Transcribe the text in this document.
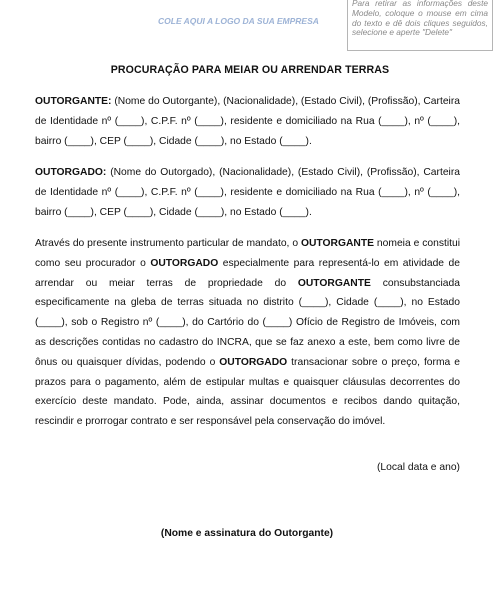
COLE AQUI A LOGO DA SUA EMPRESA
Para retirar as informações deste Modelo, coloque o mouse em cima do texto e dê dois cliques seguidos, selecione e aperte "Delete"
PROCURAÇÃO PARA MEIAR OU ARRENDAR TERRAS
OUTORGANTE: (Nome do Outorgante), (Nacionalidade), (Estado Civil), (Profissão), Carteira de Identidade nº (____), C.P.F. nº (____), residente e domiciliado na Rua (____), nº (____), bairro (____), CEP (____), Cidade (____), no Estado (____).
OUTORGADO: (Nome do Outorgado), (Nacionalidade), (Estado Civil), (Profissão), Carteira de Identidade nº (____), C.P.F. nº (____), residente e domiciliado na Rua (____), nº (____), bairro (____), CEP (____), Cidade (____), no Estado (____).
Através do presente instrumento particular de mandato, o OUTORGANTE nomeia e constitui como seu procurador o OUTORGADO especialmente para representá-lo em atividade de arrendar ou meiar terras de propriedade do OUTORGANTE consubstanciada especificamente na gleba de terras situada no distrito (____), Cidade (____), no Estado (____), sob o Registro nº (____), do Cartório do (____) Ofício de Registro de Imóveis, com as descrições contidas no cadastro do INCRA, que se faz anexo a este, bem como livre de ônus ou quaisquer dívidas, podendo o OUTORGADO transacionar sobre o preço, forma e prazos para o pagamento, além de estipular multas e quaisquer cláusulas decorrentes do exercício deste mandato. Pode, ainda, assinar documentos e recibos dando quitação, rescindir e prorrogar contrato e ser responsável pela conservação do imóvel.
(Local data e ano)
(Nome e assinatura do Outorgante)
